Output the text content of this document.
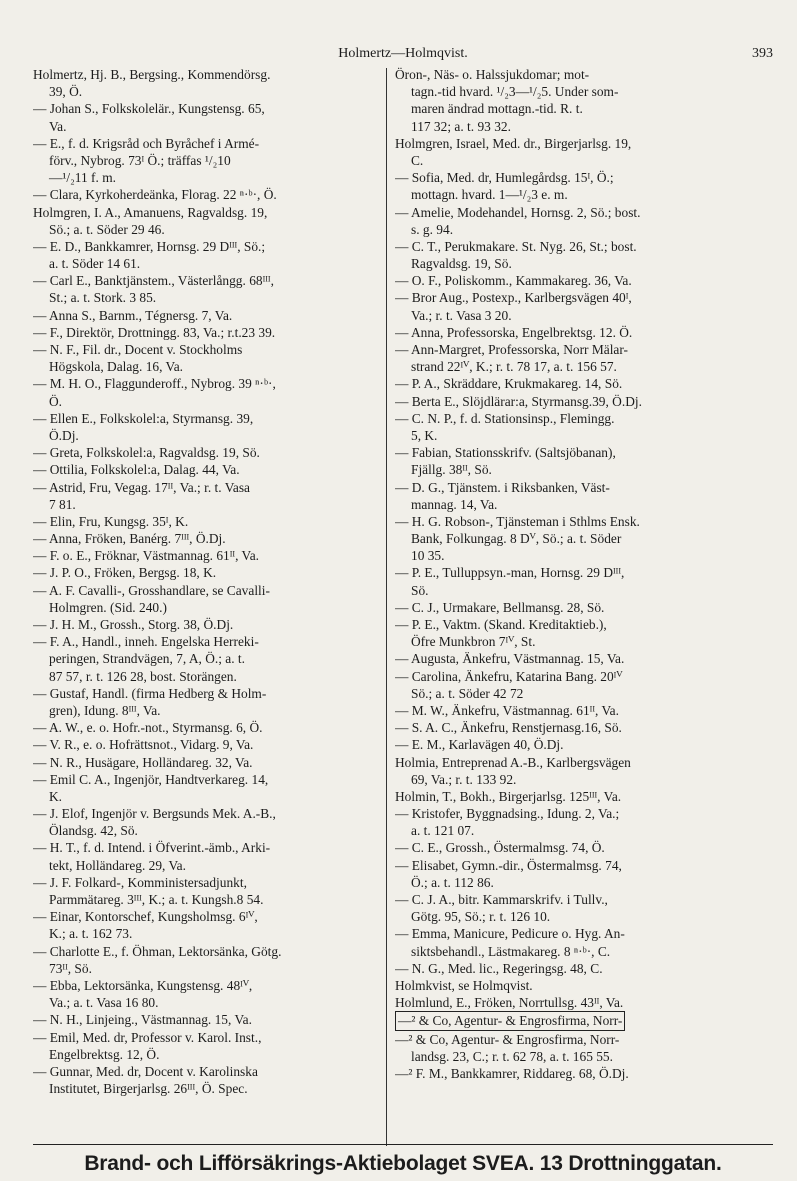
Holmertz—Holmqvist.	393
Holmertz, Hj. B., Bergsing., Kommendörsg.
39, Ö.
— Johan S., Folkskolelär., Kungstensg. 65,
Va.
— E., f. d. Krigsråd och Byråchef i Armé-
förv., Nybrog. 73ᴵ Ö.; träffas ¹/₂10
—¹/₂11 f. m.
— Clara, Kyrkoherdeänka, Florag. 22 ⁿ·ᵇ·, Ö.
Holmgren, I. A., Amanuens, Ragvaldsg. 19,
Sö.; a. t. Söder 29 46.
— E. D., Bankkamrer, Hornsg. 29 Dᴵᴵᴵ, Sö.;
a. t. Söder 14 61.
— Carl E., Banktjänstem., Västerlångg. 68ᴵᴵᴵ,
St.; a. t. Stork. 3 85.
— Anna S., Barnm., Tégnersg. 7, Va.
— F., Direktör, Drottningg. 83, Va.; r.t.23 39.
— N. F., Fil. dr., Docent v. Stockholms
Högskola, Dalag. 16, Va.
— M. H. O., Flaggunderoff., Nybrog. 39 ⁿ·ᵇ·,
Ö.
— Ellen E., Folkskolel:a, Styrmansg. 39,
Ö.Dj.
— Greta, Folkskolel:a, Ragvaldsg. 19, Sö.
— Ottilia, Folkskolel:a, Dalag. 44, Va.
— Astrid, Fru, Vegag. 17ᴵᴵ, Va.; r. t. Vasa
7 81.
— Elin, Fru, Kungsg. 35ᴵ, K.
— Anna, Fröken, Banérg. 7ᴵᴵᴵ, Ö.Dj.
— F. o. E., Fröknar, Västmannag. 61ᴵᴵ, Va.
— J. P. O., Fröken, Bergsg. 18, K.
— A. F. Cavalli-, Grosshandlare, se Cavalli-
Holmgren. (Sid. 240.)
— J. H. M., Grossh., Storg. 38, Ö.Dj.
— F. A., Handl., inneh. Engelska Herreki-
peringen, Strandvägen, 7, A, Ö.; a. t.
87 57, r. t. 126 28, bost. Storängen.
— Gustaf, Handl. (firma Hedberg & Holm-
gren), Idung. 8ᴵᴵᴵ, Va.
— A. W., e. o. Hofr.-not., Styrmansg. 6, Ö.
— V. R., e. o. Hofrättsnot., Vidarg. 9, Va.
— N. R., Husägare, Holländareg. 32, Va.
— Emil C. A., Ingenjör, Handtverkareg. 14,
K.
— J. Elof, Ingenjör v. Bergsunds Mek. A.-B.,
Ölandsg. 42, Sö.
— H. T., f. d. Intend. i Öfverint.-ämb., Arki-
tekt, Holländareg. 29, Va.
— J. F. Folkard-, Komministersadjunkt,
Parmmätareg. 3ᴵᴵᴵ, K.; a. t. Kungsh.8 54.
— Einar, Kontorschef, Kungsholmsg. 6ᴵⱽ,
K.; a. t. 162 73.
— Charlotte E., f. Öhman, Lektorsänka, Götg.
73ᴵᴵ, Sö.
— Ebba, Lektorsänka, Kungstensg. 48ᴵⱽ,
Va.; a. t. Vasa 16 80.
— N. H., Linjeing., Västmannag. 15, Va.
— Emil, Med. dr, Professor v. Karol. Inst.,
Engelbrektsg. 12, Ö.
— Gunnar, Med. dr, Docent v. Karolinska
Institutet, Birgerjarlsg. 26ᴵᴵᴵ, Ö. Spec.
Öron-, Näs- o. Halssjukdomar; mot-
tagn.-tid hvard. ¹/₂3—¹/₂5. Under som-
maren ändrad mottagn.-tid. R. t.
117 32; a. t. 93 32.
Holmgren, Israel, Med. dr., Birgerjarlsg. 19,
C.
— Sofia, Med. dr, Humlegårdsg. 15ᴵ, Ö.;
mottagn. hvard. 1—¹/₂3 e. m.
— Amelie, Modehandel, Hornsg. 2, Sö.; bost.
s. g. 94.
— C. T., Perukmakare. St. Nyg. 26, St.; bost.
Ragvaldsg. 19, Sö.
— O. F., Poliskomm., Kammakareg. 36, Va.
— Bror Aug., Postexp., Karlbergsvägen 40ᴵ,
Va.; r. t. Vasa 3 20.
— Anna, Professorska, Engelbrektsg. 12. Ö.
— Ann-Margret, Professorska, Norr Mälar-
strand 22ᴵⱽ, K.; r. t. 78 17, a. t. 156 57.
— P. A., Skräddare, Krukmakareg. 14, Sö.
— Berta E., Slöjdlärar:a, Styrmansg.39, Ö.Dj.
— C. N. P., f. d. Stationsinsp., Flemingg.
5, K.
— Fabian, Stationsskrifv. (Saltsjöbanan),
Fjällg. 38ᴵᴵ, Sö.
— D. G., Tjänstem. i Riksbanken, Väst-
mannag. 14, Va.
— H. G. Robson-, Tjänsteman i Sthlms Ensk.
Bank, Folkungag. 8 Dⱽ, Sö.; a. t. Söder
10 35.
— P. E., Tulluppsyn.-man, Hornsg. 29 Dᴵᴵᴵ,
Sö.
— C. J., Urmakare, Bellmansg. 28, Sö.
— P. E., Vaktm. (Skand. Kreditaktieb.),
Öfre Munkbron 7ᴵⱽ, St.
— Augusta, Änkefru, Västmannag. 15, Va.
— Carolina, Änkefru, Katarina Bang. 20ᴵⱽ
Sö.; a. t. Söder 42 72
— M. W., Änkefru, Västmannag. 61ᴵᴵ, Va.
— S. A. C., Änkefru, Renstjernasg.16, Sö.
— E. M., Karlavägen 40, Ö.Dj.
Holmia, Entreprenad A.-B., Karlbergsvägen
69, Va.; r. t. 133 92.
Holmin, T., Bokh., Birgerjarlsg. 125ᴵᴵᴵ, Va.
— Kristofer, Byggnadsing., Idung. 2, Va.;
a. t. 121 07.
— C. E., Grossh., Östermalmsg. 74, Ö.
— Elisabet, Gymn.-dir., Östermalmsg. 74,
Ö.; a. t. 112 86.
— C. J. A., bitr. Kammarskrifv. i Tullv.,
Götg. 95, Sö.; r. t. 126 10.
— Emma, Manicure, Pedicure o. Hyg. An-
siktsbehandl., Lästmakareg. 8 ⁿ·ᵇ·, C.
— N. G., Med. lic., Regeringsg. 48, C.
Holmkvist, se Holmqvist.
Holmlund, E., Fröken, Norrtullsg. 43ᴵᴵ, Va.
—² & Co, Agentur- & Engrosfirma, Norr-
—² & Co, Agentur- & Engrosfirma, Norr-
landsg. 23, C.; r. t. 62 78, a. t. 165 55.
—² F. M., Bankkamrer, Riddareg. 68, Ö.Dj.
Brand- och Lifförsäkrings-Aktiebolaget SVEA. 13 Drottninggatan.
